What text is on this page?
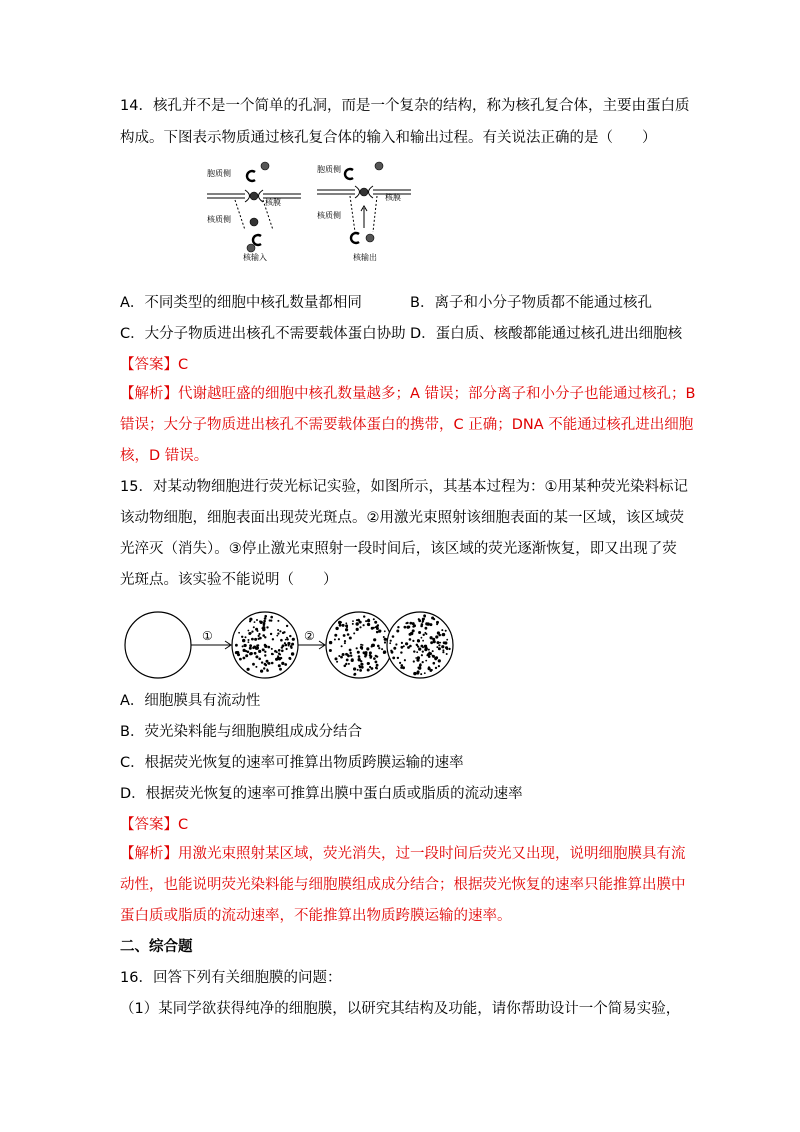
14．核孔并不是一个简单的孔洞，而是一个复杂的结构，称为核孔复合体，主要由蛋白质
构成。下图表示物质通过核孔复合体的输入和输出过程。有关说法正确的是（　　）
胞质侧
核质侧
核膜
核输入
胞质侧
核膜
核质侧
核输出
A．不同类型的细胞中核孔数量都相同	B．离子和小分子物质都不能通过核孔
C．大分子物质进出核孔不需要载体蛋白协助 D．蛋白质、核酸都能通过核孔进出细胞核
【答案】C
【解析】代谢越旺盛的细胞中核孔数量越多；A 错误；部分离子和小分子也能通过核孔；B
错误；大分子物质进出核孔不需要载体蛋白的携带，C 正确；DNA 不能通过核孔进出细胞
核，D 错误。
15．对某动物细胞进行荧光标记实验，如图所示，其基本过程为：①用某种荧光染料标记
该动物细胞，细胞表面出现荧光斑点。②用激光束照射该细胞表面的某一区域，该区域荧
光淬灭（消失）。③停止激光束照射一段时间后，该区域的荧光逐渐恢复，即又出现了荧
光斑点。该实验不能说明（　　）
①	②
A．细胞膜具有流动性
B．荧光染料能与细胞膜组成成分结合
C．根据荧光恢复的速率可推算出物质跨膜运输的速率
D．根据荧光恢复的速率可推算出膜中蛋白质或脂质的流动速率
【答案】C
【解析】用激光束照射某区域，荧光消失，过一段时间后荧光又出现，说明细胞膜具有流
动性，也能说明荧光染料能与细胞膜组成成分结合；根据荧光恢复的速率只能推算出膜中
蛋白质或脂质的流动速率，不能推算出物质跨膜运输的速率。
二、综合题
16．回答下列有关细胞膜的问题：
（1）某同学欲获得纯净的细胞膜，以研究其结构及功能，请你帮助设计一个简易实验，
